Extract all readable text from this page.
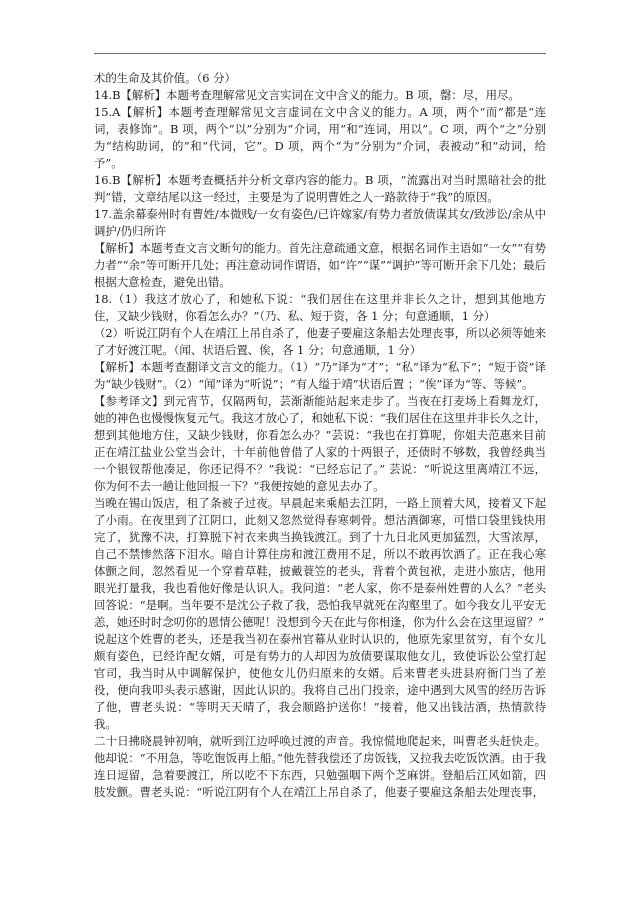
术的生命及其价值。（6 分）

14.B【解析】本题考查理解常见文言实词在文中含义的能力。B 项，罄：尽，用尽。

15.A【解析】本题考查理解常见文言虚词在文中含义的能力。A 项，两个“而”都是“连词，表修饰”。B 项，两个“以”分别为“介词，用”和“连词，用以”。C 项，两个“之”分别为“结构助词，的”和“代词，它”。D 项，两个“为”分别为“介词，表被动”和“动词，给予”。

16.B【解析】本题考查概括并分析文章内容的能力。B 项，“流露出对当时黑暗社会的批判”错，文章结尾以这一经过，主要是为了说明曹姓之人一路款待于“我”的原因。

17.盖余幕泰州时有曹姓/本微贱/一女有姿色/已许嫁家/有势力者放债谋其女/致涉讼/余从中调护/仍归所许

【解析】本题考查文言文断句的能力。首先注意疏通文意，根据名词作主语如“一女”“有势力者”“余”等可断开几处；再注意动词作谓语，如“许”“谋”“调护”等可断开余下几处；最后根据大意检查，避免出错。

18.（1）我这才放心了，和她私下说：“我们居住在这里并非长久之计，想到其他地方住，又缺少钱财，你看怎么办？”（乃、私、短于资，各 1 分；句意通顺，1 分）

（2）听说江阴有个人在靖江上吊自杀了，他妻子要雇这条船去处理丧事，所以必须等她来了才好渡江呢。（闻、状语后置、俟，各 1 分；句意通顺，1 分）

【解析】本题考查翻译文言文的能力。（1）“乃”译为“才”；“私”译为“私下”；“短于资”译为“缺少钱财”。（2）“闻”译为“听说”；“有人缢于靖”状语后置 ；“俟”译为“等、等候”。

【参考译文】到元宵节，仅隔两旬，芸渐渐能站起来走步了。当夜在打麦场上看舞龙灯，她的神色也慢慢恢复元气。我这才放心了，和她私下说：“我们居住在这里并非长久之计，想到其他地方住，又缺少钱财，你看怎么办？”芸说：“我也在打算呢，你姐夫范惠来目前正在靖江盐业公堂当会计，十年前他曾借了人家的十两银子，还债时不够数，我曾经典当一个银钗帮他凑足，你还记得不？”我说：“已经忘记了。” 芸说：“听说这里离靖江不远，你为何不去一趟让他回报一下？”我便按她的意见去办了。

当晚在锡山饭店，租了条被子过夜。早晨起来乘船去江阴，一路上顶着大风，接着又下起了小雨。在夜里到了江阴口，此刻又忽然觉得春寒刺骨。想沽酒御寒，可惜口袋里钱快用完了，犹豫不决，打算脱下衬衣来典当换钱渡江。到了十九日北风更加猛烈，大雪浓厚，自己不禁惨然落下泪水。暗自计算住房和渡江费用不足，所以不敢再饮酒了。正在我心寒体颤之间，忽然看见一个穿着草鞋，披戴蓑笠的老头，背着个黄包袱，走进小旅店，他用眼光打量我，我也看他好像是认识人。我问道：“老人家，你不是泰州姓曹的人么？”老头回答说：“是啊。当年要不是沈公子救了我，恐怕我早就死在沟壑里了。如今我女儿平安无恙，她还时时念叨你的恩情公德呢！没想到今天在此与你相逢，你为什么会在这里逗留？”

说起这个姓曹的老头，还是我当初在泰州官幕从业时认识的，他原先家里贫穷，有个女儿颇有姿色，已经许配女婿，可是有势力的人却因为放债要谋取他女儿，致使诉讼公堂打起官司，我当时从中调解保护，使他女儿仍归原来的女婿。后来曹老头进县府衙门当了差役，便向我叩头表示感谢，因此认识的。我将自己出门投亲，途中遇到大风雪的经历告诉了他，曹老头说：“等明天天晴了，我会顺路护送你！”接着，他又出钱沽酒，热情款待我。

二十日拂晓晨钟初响，就听到江边呼唤过渡的声音。我惊慌地爬起来，叫曹老头赶快走。他却说：“不用急，等吃饱饭再上船。”他先替我偿还了房饭钱，又拉我去吃饭饮酒。由于我连日逗留，急着要渡江，所以吃不下东西，只勉强咽下两个芝麻饼。登船后江风如箭，四肢发颤。曹老头说：“听说江阴有个人在靖江上吊自杀了，他妻子要雇这条船去处理丧事，
